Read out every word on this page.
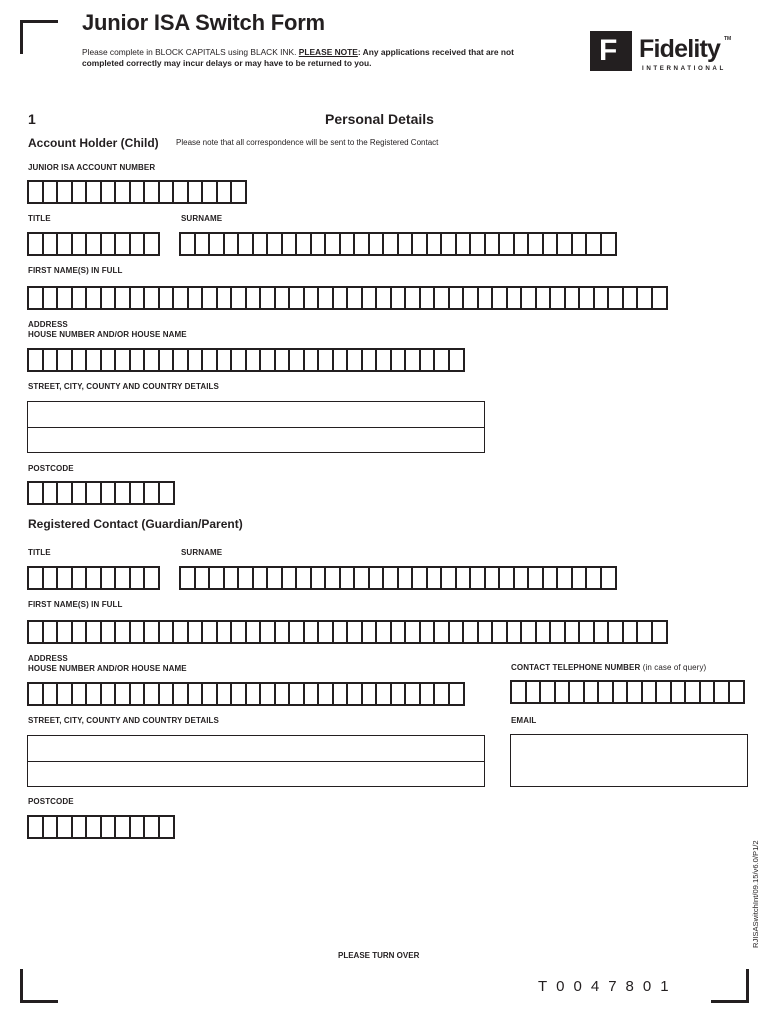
Junior ISA Switch Form
Please complete in BLOCK CAPITALS using BLACK INK. PLEASE NOTE: Any applications received that are not completed correctly may incur delays or may have to be returned to you.	F Fidelity TM
INTERNATIONAL
1	Personal Details
Account Holder (Child) Please note that all correspondence will be sent to the Registered Contact
JUNIOR ISA ACCOUNT NUMBER
TITLE	SURNAME
FIRST NAME(S) IN FULL
ADDRESS
HOUSE NUMBER AND/OR HOUSE NAME
STREET, CITY, COUNTY AND COUNTRY DETAILS
POSTCODE
Registered Contact (Guardian/Parent)
TITLE	SURNAME
FIRST NAME(S) IN FULL
ADDRESS
HOUSE NUMBER AND/OR HOUSE NAME	CONTACT TELEPHONE NUMBER (in case of query)
STREET, CITY, COUNTY AND COUNTRY DETAILS	EMAIL
POSTCODE
RJISASwitchInt/09.15/v6.0/P1/2
PLEASE TURN OVER
T0047801
